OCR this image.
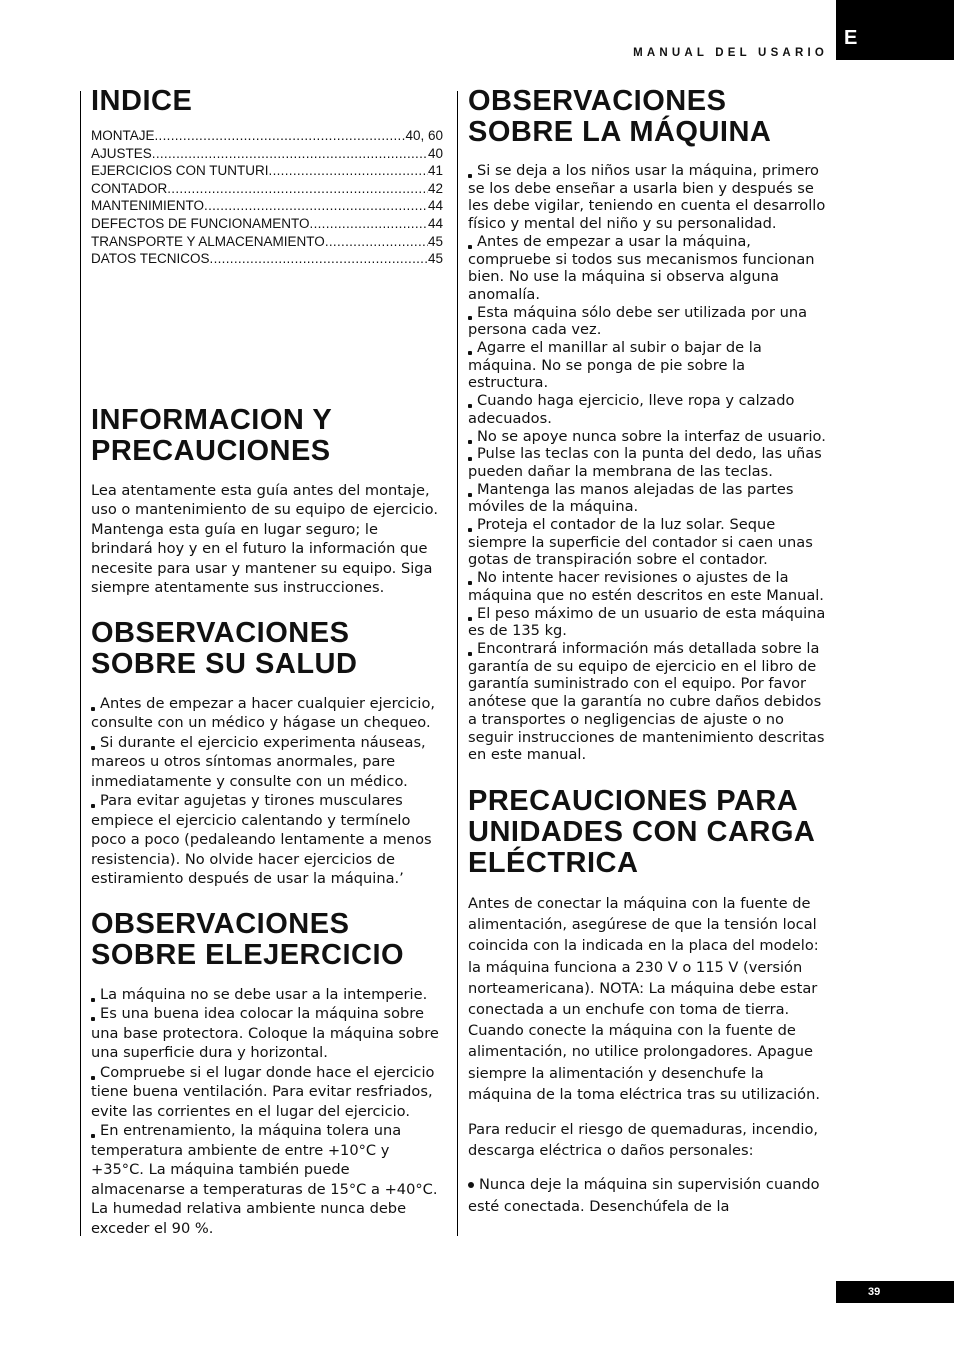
E
MANUAL DEL USARIO
INDICE
MONTAJE .....	40, 60
AJUSTES .....	40
EJERCICIOS CON TUNTURI .....	41
CONTADOR .....	42
MANTENIMIENTO .....	44
DEFECTOS DE FUNCIONAMENTO .....	44
TRANSPORTE Y ALMACENAMIENTO .....	45
DATOS TECNICOS .....	45
INFORMACION Y
PRECAUCIONES

Lea atentamente esta guía antes del montaje, uso o mantenimiento de su equipo de ejercicio. Mantenga esta guía en lugar seguro; le brindará hoy y en el futuro la información que necesite para usar y mantener su equipo. Siga siempre atentamente sus instrucciones.

OBSERVACIONES
SOBRE SU SALUD

Antes de empezar a hacer cualquier ejercicio, consulte con un médico y hágase un chequeo.

Si durante el ejercicio experimenta náuseas, mareos u otros síntomas anormales, pare inmediatamente y consulte con un médico.

Para evitar agujetas y tirones musculares empiece el ejercicio calentando y termínelo poco a poco (pedaleando lentamente a menos resistencia). No olvide hacer ejercicios de estiramiento después de usar la máquina.’

OBSERVACIONES
SOBRE ELEJERCICIO

La máquina no se debe usar a la intemperie.

Es una buena idea colocar la máquina sobre una base protectora. Coloque la máquina sobre una superficie dura y horizontal.

Compruebe si el lugar donde hace el ejercicio tiene buena ventilación. Para evitar resfriados, evite las corrientes en el lugar del ejercicio.

En entrenamiento, la máquina tolera una temperatura ambiente de entre +10°C y +35°C. La máquina también puede almacenarse a temperaturas de 15°C a +40°C. La humedad relativa ambiente nunca debe exceder el 90 %.

OBSERVACIONES
SOBRE LA MÁQUINA

Si se deja a los niños usar la máquina, primero se los debe enseñar a usarla bien y después se les debe vigilar, teniendo en cuenta el desarrollo físico y mental del niño y su personalidad.

Antes de empezar a usar la máquina, compruebe si todos sus mecanismos funcionan bien. No use la máquina si observa alguna anomalía.

Esta máquina sólo debe ser utilizada por una persona cada vez.

Agarre el manillar al subir o bajar de la máquina. No se ponga de pie sobre la estructura.

Cuando haga ejercicio, lleve ropa y calzado adecuados.

No se apoye nunca sobre la interfaz de usuario.

Pulse las teclas con la punta del dedo, las uñas pueden dañar la membrana de las teclas.

Mantenga las manos alejadas de las partes móviles de la máquina.

Proteja el contador de la luz solar. Seque siempre la superficie del contador si caen unas gotas de transpiración sobre el contador.

No intente hacer revisiones o ajustes de la máquina que no estén descritos en este Manual.

El peso máximo de un usuario de esta máquina es de 135 kg.

Encontrará información más detallada sobre la garantía de su equipo de ejercicio en el libro de garantía suministrado con el equipo. Por favor anótese que la garantía no cubre daños debidos a transportes o negligencias de ajuste o no seguir instrucciones de mantenimiento descritas en este manual.

PRECAUCIONES PARA
UNIDADES CON CARGA
ELÉCTRICA

Antes de conectar la máquina con la fuente de alimentación, asegúrese de que la tensión local coincida con la indicada en la placa del modelo: la máquina funciona a 230 V o 115 V (versión norteamericana). NOTA: La máquina debe estar conectada a un enchufe con toma de tierra. Cuando conecte la máquina con la fuente de alimentación, no utilice prolongadores. Apague siempre la alimentación y desenchufe la máquina de la toma eléctrica tras su utilización.

Para reducir el riesgo de quemaduras, incendio, descarga eléctrica o daños personales:

Nunca deje la máquina sin supervisión cuando esté conectada. Desenchúfela de la

39
